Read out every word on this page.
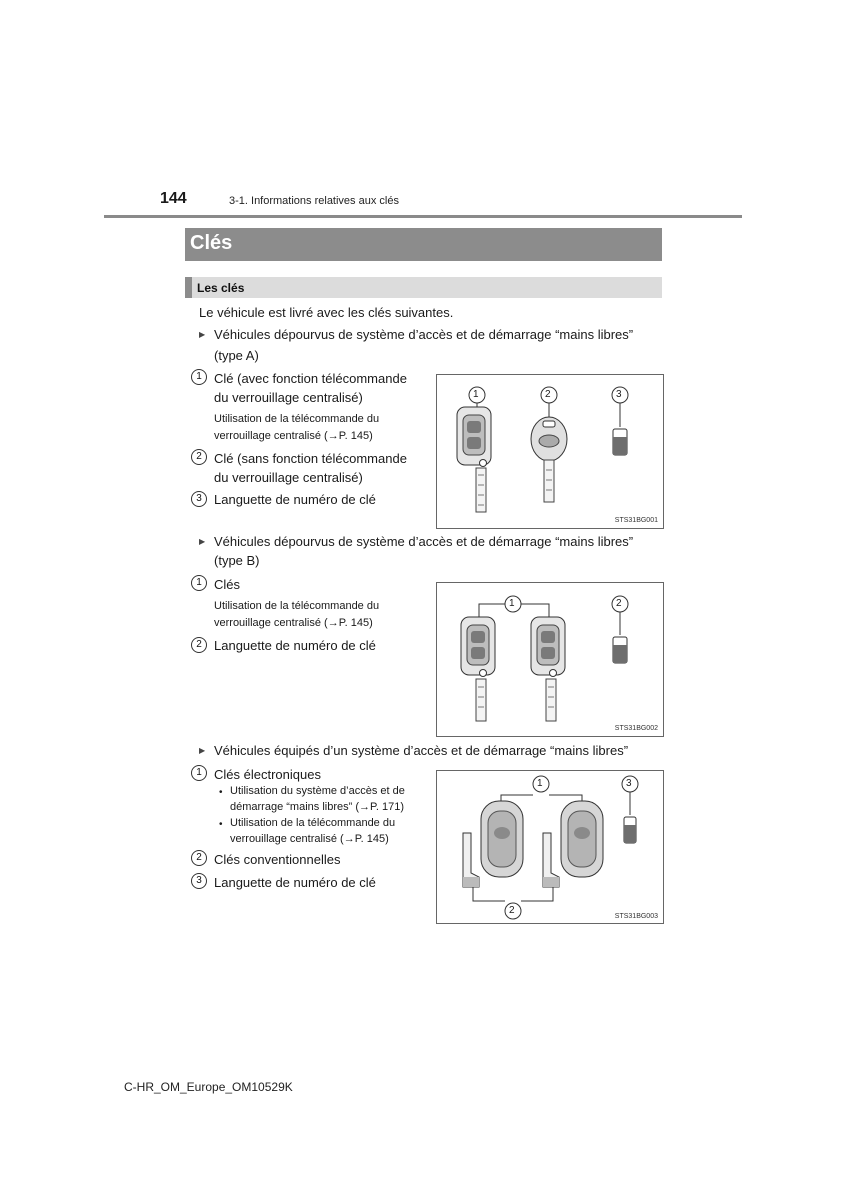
144	3-1. Informations relatives aux clés
Clés
Les clés
Le véhicule est livré avec les clés suivantes.
▶ Véhicules dépourvus de système d’accès et de démarrage “mains libres”
(type A)
1 Clé (avec fonction télécommande
du verrouillage centralisé)
Utilisation de la télécommande du
verrouillage centralisé (→P. 145)
2 Clé (sans fonction télécommande
du verrouillage centralisé)
3 Languette de numéro de clé
STS31BG001
1	2	3
▶ Véhicules dépourvus de système d’accès et de démarrage “mains libres”
(type B)
1 Clés
Utilisation de la télécommande du
verrouillage centralisé (→P. 145)
2 Languette de numéro de clé
STS31BG002
1	2
▶ Véhicules équipés d’un système d’accès et de démarrage “mains libres”
1 Clés électroniques
• Utilisation du système d’accès et de
démarrage “mains libres” (→P. 171)
• Utilisation de la télécommande du
verrouillage centralisé (→P. 145)
2 Clés conventionnelles
3 Languette de numéro de clé
STS31BG003
1	3
2
C-HR_OM_Europe_OM10529K
